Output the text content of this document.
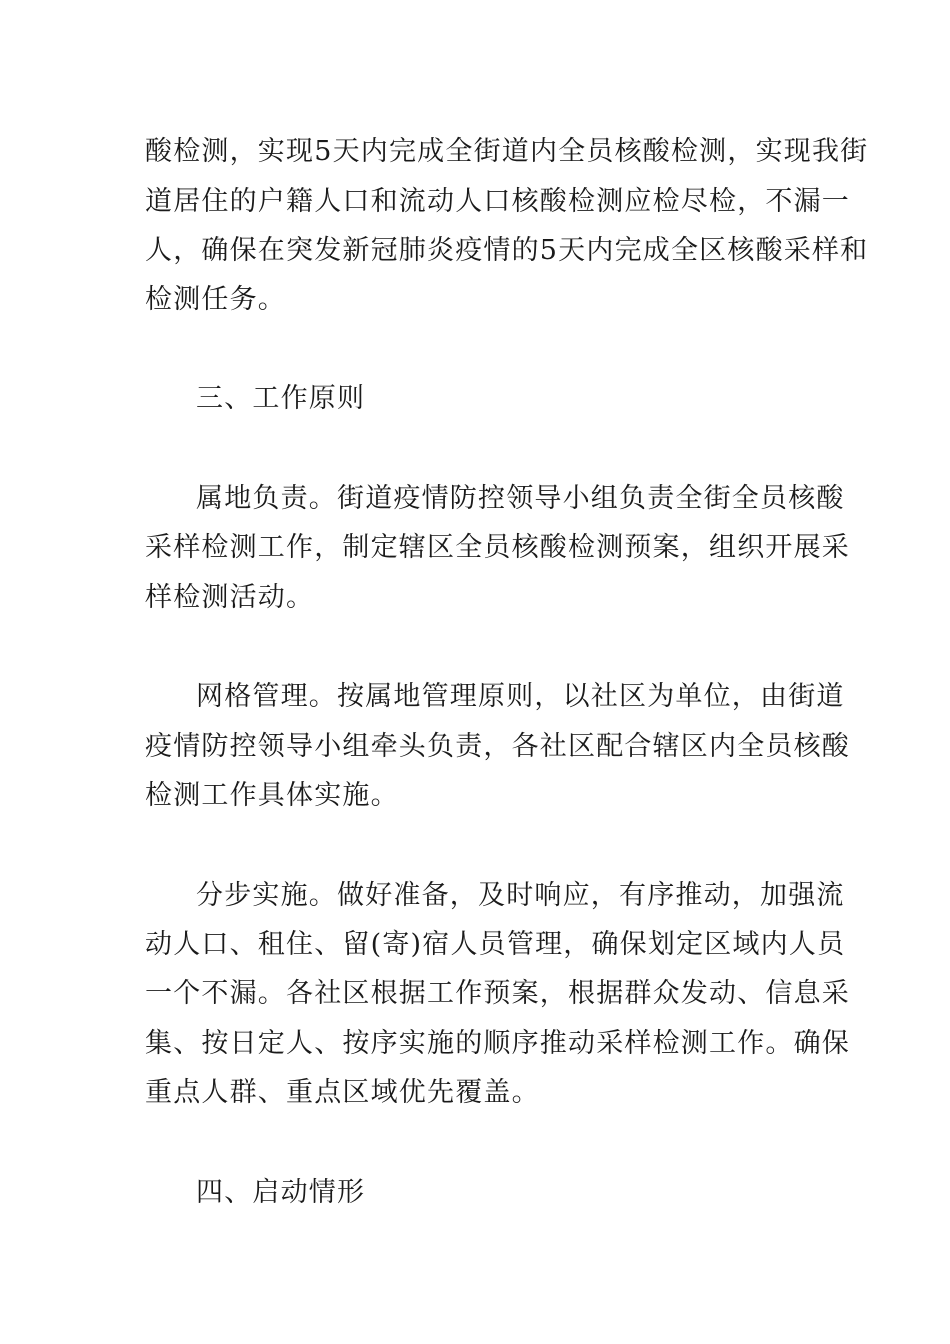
酸检测，实现5天内完成全街道内全员核酸检测，实现我街
道居住的户籍人口和流动人口核酸检测应检尽检，不漏一
人，确保在突发新冠肺炎疫情的5天内完成全区核酸采样和
检测任务。
三、工作原则
属地负责。街道疫情防控领导小组负责全街全员核酸
采样检测工作，制定辖区全员核酸检测预案，组织开展采
样检测活动。
网格管理。按属地管理原则，以社区为单位，由街道
疫情防控领导小组牵头负责，各社区配合辖区内全员核酸
检测工作具体实施。
分步实施。做好准备，及时响应，有序推动，加强流
动人口、租住、留(寄)宿人员管理，确保划定区域内人员
一个不漏。各社区根据工作预案，根据群众发动、信息采
集、按日定人、按序实施的顺序推动采样检测工作。确保
重点人群、重点区域优先覆盖。
四、启动情形
